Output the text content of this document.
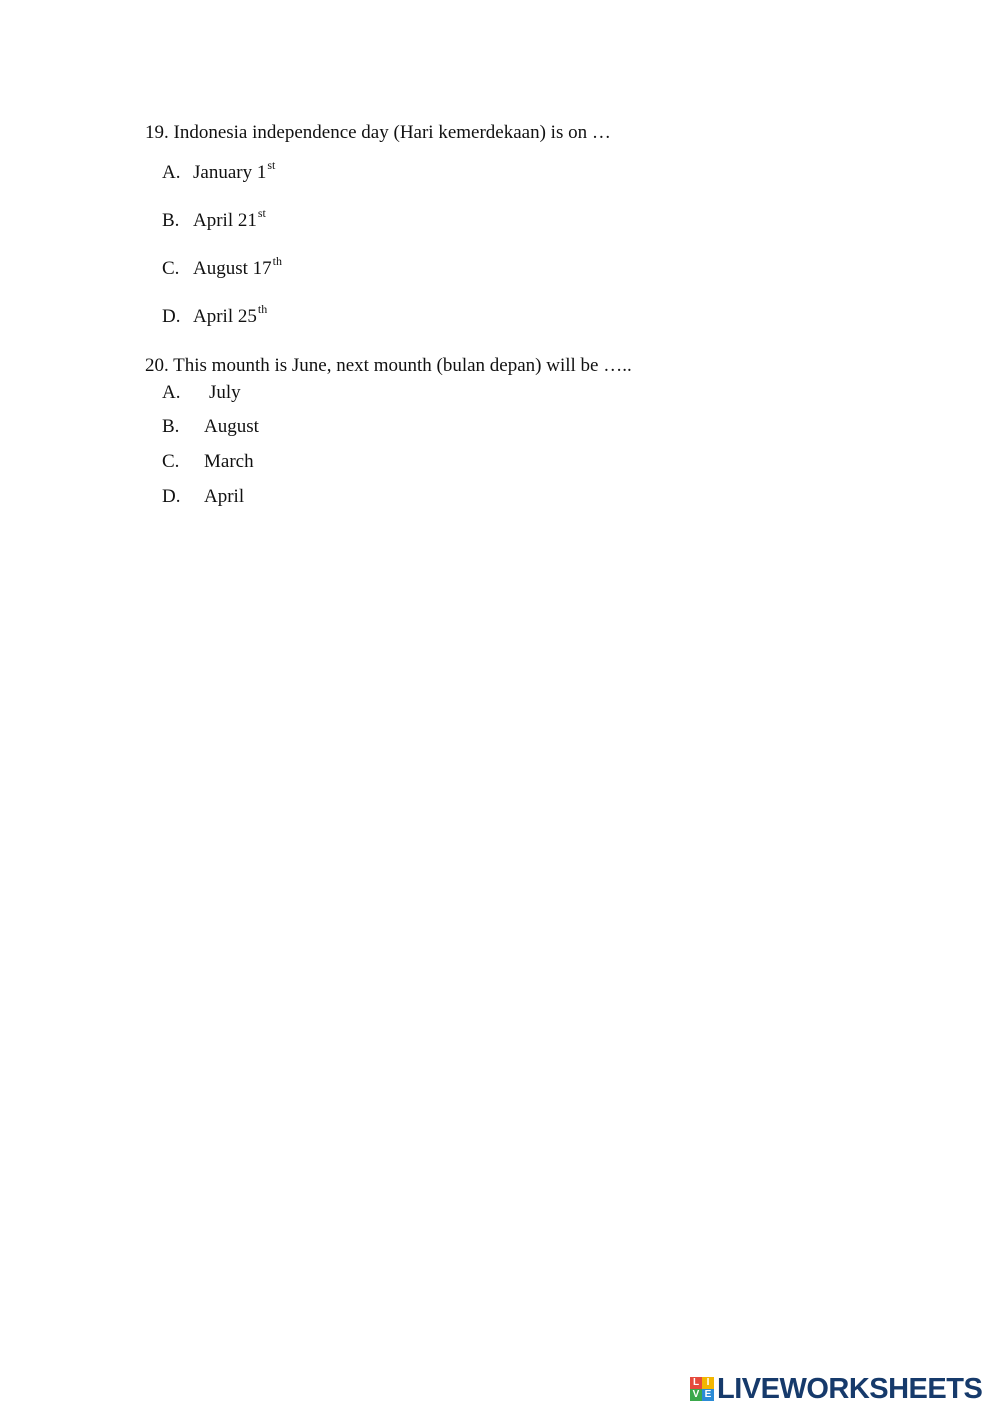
19. Indonesia independence day (Hari kemerdekaan) is on …
A. January 1st
B. April 21st
C. August 17th
D. April 25th
20. This mounth is June, next mounth (bulan depan) will be …..
A. July
B. August
C. March
D. April
L I
V E LIVEWORKSHEETS
